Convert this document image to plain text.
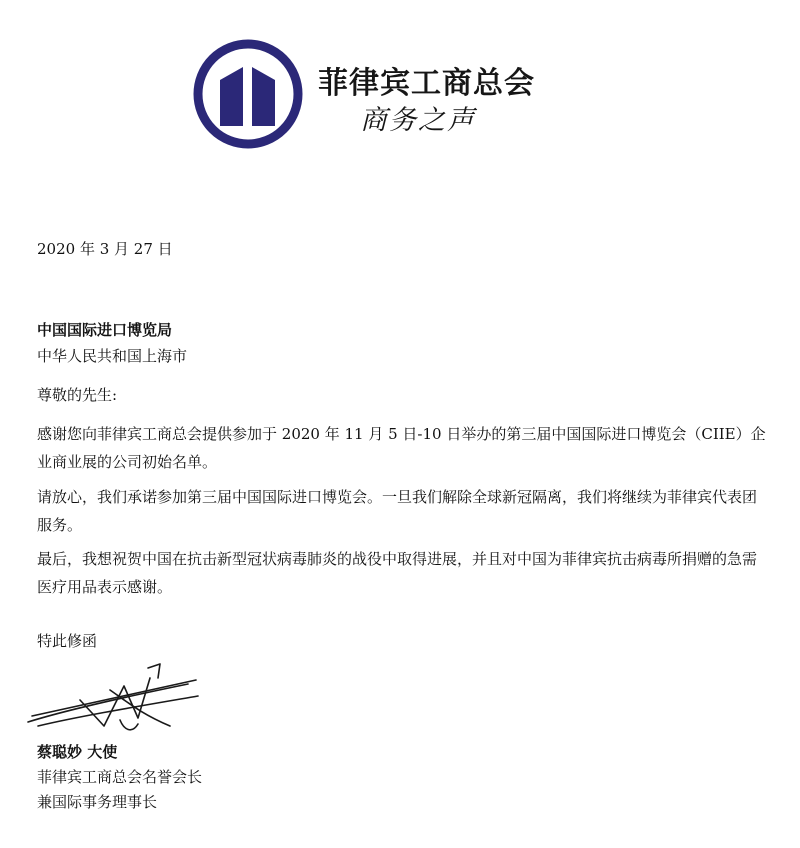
菲律宾工商总会
商务之声
2020 年 3 月 27 日
中国国际进口博览局
中华人民共和国上海市
尊敬的先生:
感谢您向菲律宾工商总会提供参加于 2020 年 11 月 5 日-10 日举办的第三届中国国际进口博览会（CIIE）企业商业展的公司初始名单。
请放心，我们承诺参加第三届中国国际进口博览会。一旦我们解除全球新冠隔离，我们将继续为菲律宾代表团服务。
最后，我想祝贺中国在抗击新型冠状病毒肺炎的战役中取得进展，并且对中国为菲律宾抗击病毒所捐赠的急需医疗用品表示感谢。
特此修函
蔡聪妙 大使
菲律宾工商总会名誉会长
兼国际事务理事长
